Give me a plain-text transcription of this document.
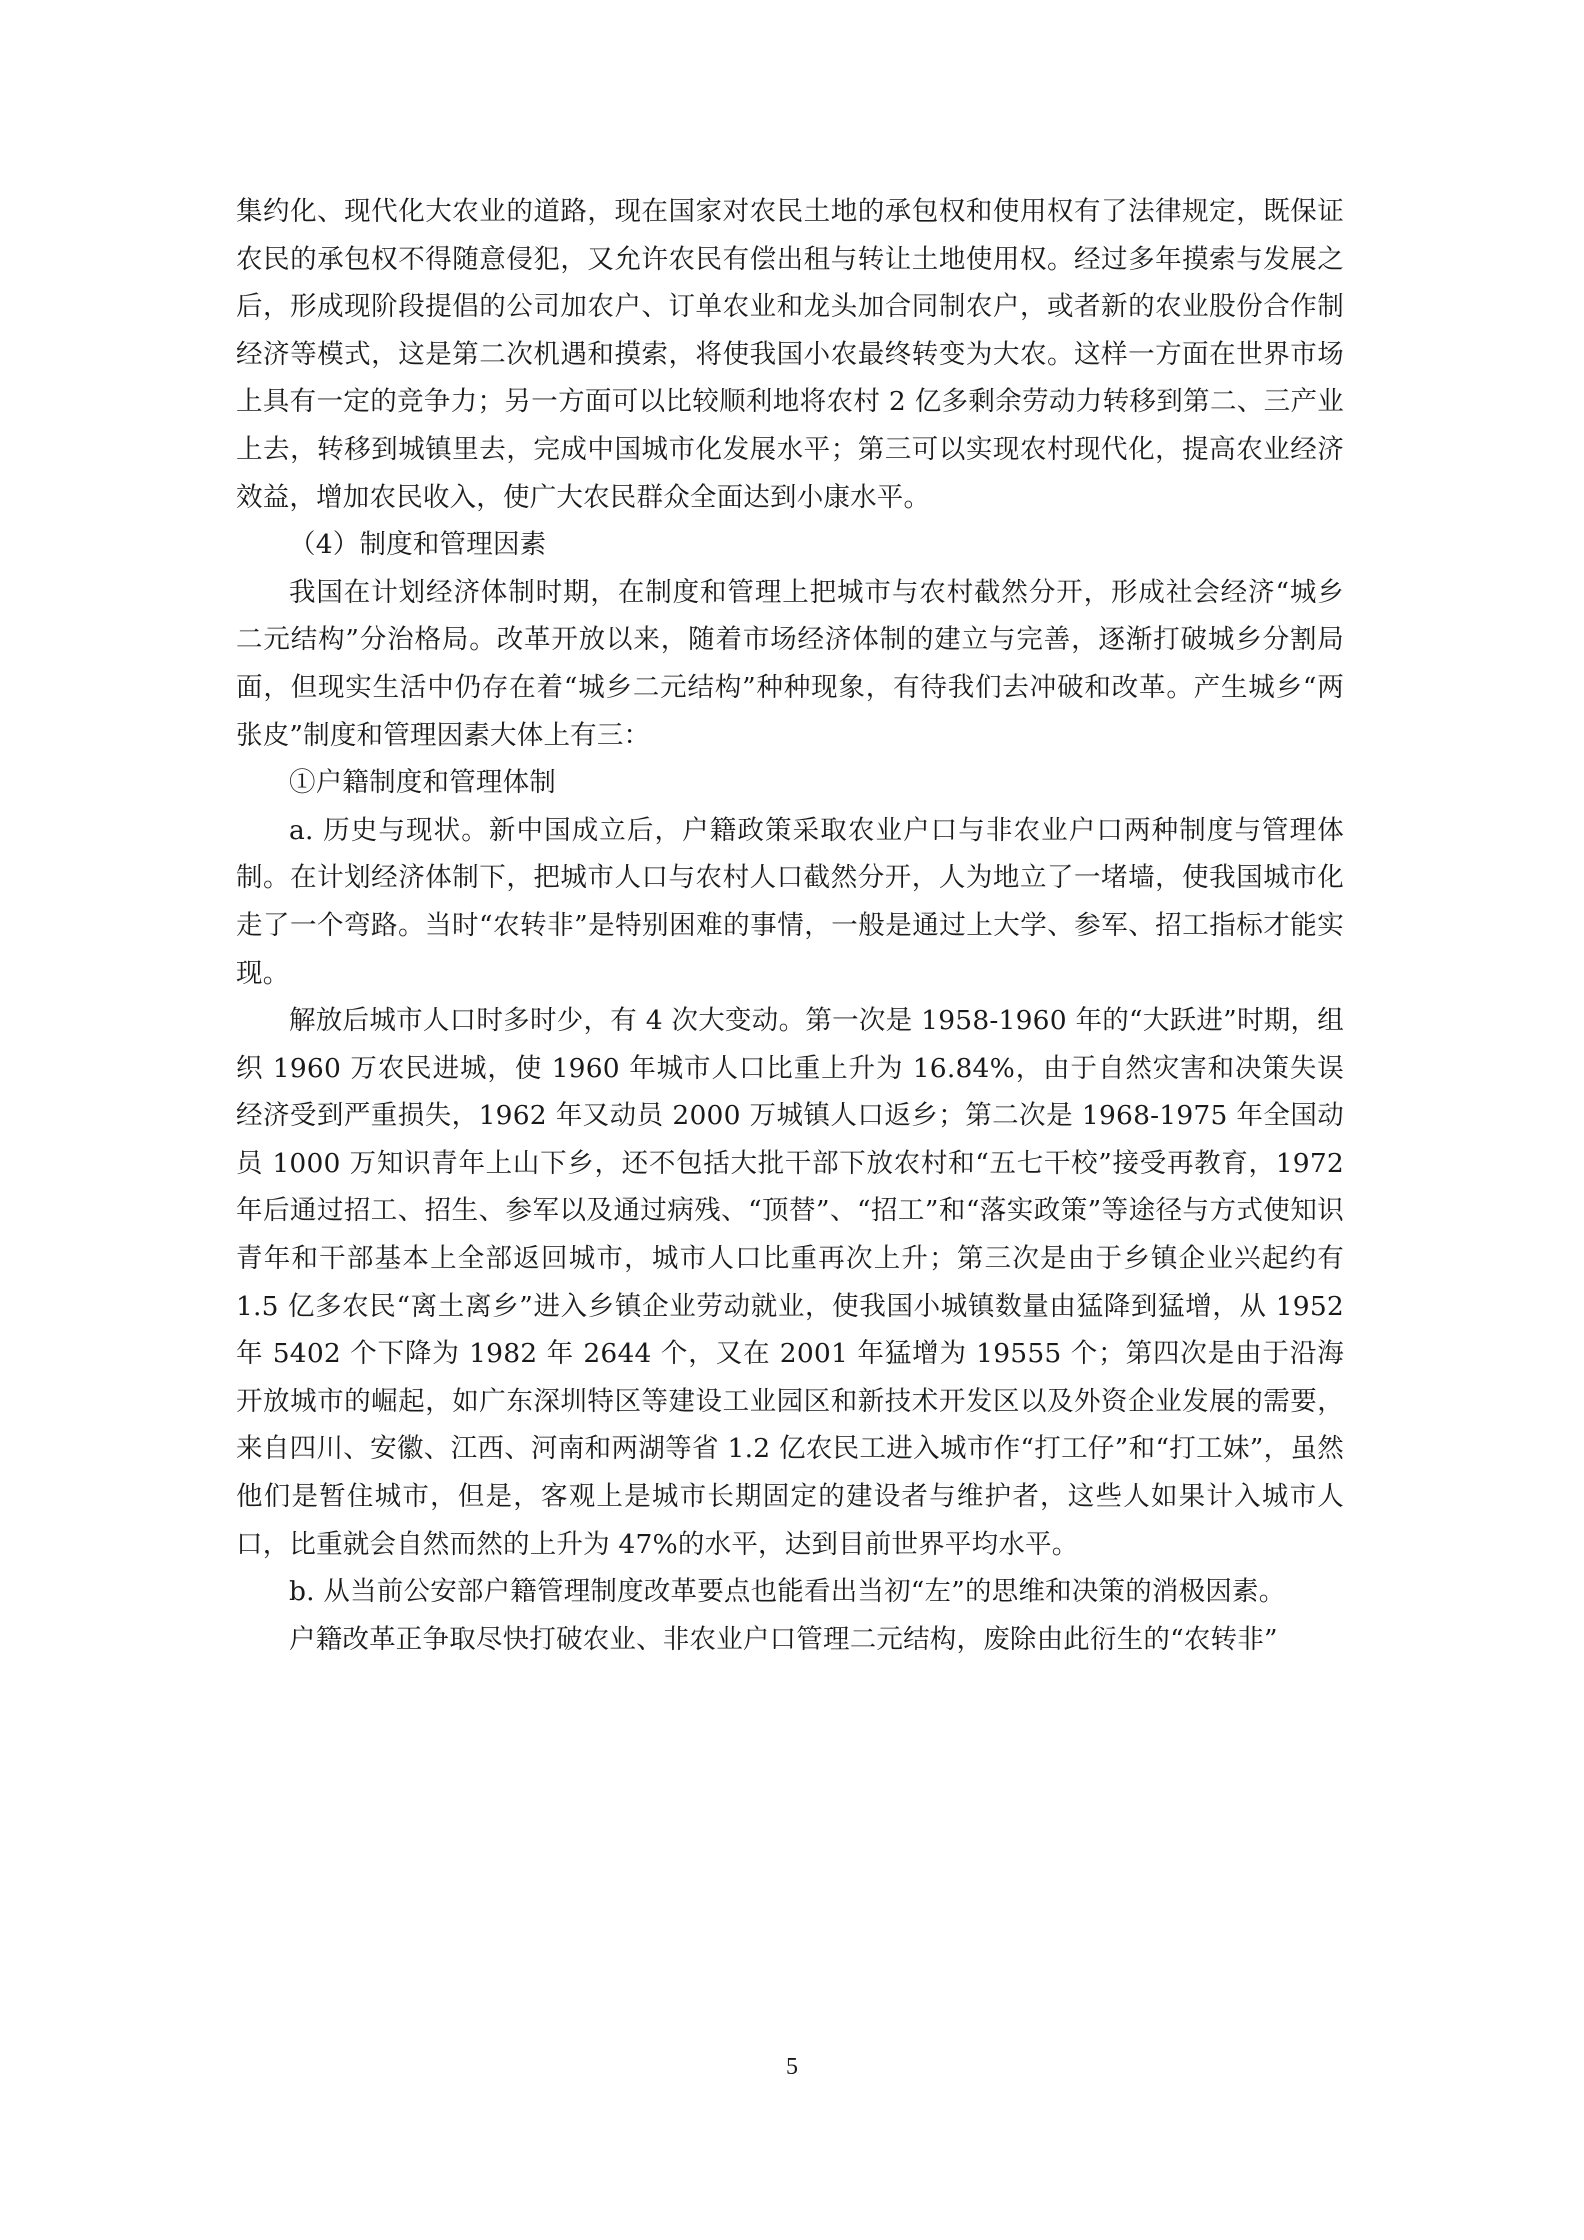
集约化、现代化大农业的道路，现在国家对农民土地的承包权和使用权有了法律规定，既保证农民的承包权不得随意侵犯，又允许农民有偿出租与转让土地使用权。经过多年摸索与发展之后，形成现阶段提倡的公司加农户、订单农业和龙头加合同制农户，或者新的农业股份合作制经济等模式，这是第二次机遇和摸索，将使我国小农最终转变为大农。这样一方面在世界市场上具有一定的竞争力；另一方面可以比较顺利地将农村 2 亿多剩余劳动力转移到第二、三产业上去，转移到城镇里去，完成中国城市化发展水平；第三可以实现农村现代化，提高农业经济效益，增加农民收入，使广大农民群众全面达到小康水平。

（4）制度和管理因素

我国在计划经济体制时期，在制度和管理上把城市与农村截然分开，形成社会经济“城乡二元结构”分治格局。改革开放以来，随着市场经济体制的建立与完善，逐渐打破城乡分割局面，但现实生活中仍存在着“城乡二元结构”种种现象，有待我们去冲破和改革。产生城乡“两张皮”制度和管理因素大体上有三：

①户籍制度和管理体制

a. 历史与现状。新中国成立后，户籍政策采取农业户口与非农业户口两种制度与管理体制。在计划经济体制下，把城市人口与农村人口截然分开，人为地立了一堵墙，使我国城市化走了一个弯路。当时“农转非”是特别困难的事情，一般是通过上大学、参军、招工指标才能实现。

解放后城市人口时多时少，有 4 次大变动。第一次是 1958-1960 年的“大跃进”时期，组织 1960 万农民进城，使 1960 年城市人口比重上升为 16.84%，由于自然灾害和决策失误经济受到严重损失，1962 年又动员 2000 万城镇人口返乡；第二次是 1968-1975 年全国动员 1000 万知识青年上山下乡，还不包括大批干部下放农村和“五七干校”接受再教育，1972 年后通过招工、招生、参军以及通过病残、“顶替”、“招工”和“落实政策”等途径与方式使知识青年和干部基本上全部返回城市，城市人口比重再次上升；第三次是由于乡镇企业兴起约有 1.5 亿多农民“离土离乡”进入乡镇企业劳动就业，使我国小城镇数量由猛降到猛增，从 1952 年 5402 个下降为 1982 年 2644 个，又在 2001 年猛增为 19555 个；第四次是由于沿海开放城市的崛起，如广东深圳特区等建设工业园区和新技术开发区以及外资企业发展的需要，来自四川、安徽、江西、河南和两湖等省 1.2 亿农民工进入城市作“打工仔”和“打工妹”，虽然他们是暂住城市，但是，客观上是城市长期固定的建设者与维护者，这些人如果计入城市人口，比重就会自然而然的上升为 47%的水平，达到目前世界平均水平。

b. 从当前公安部户籍管理制度改革要点也能看出当初“左”的思维和决策的消极因素。

户籍改革正争取尽快打破农业、非农业户口管理二元结构，废除由此衍生的“农转非”

5
